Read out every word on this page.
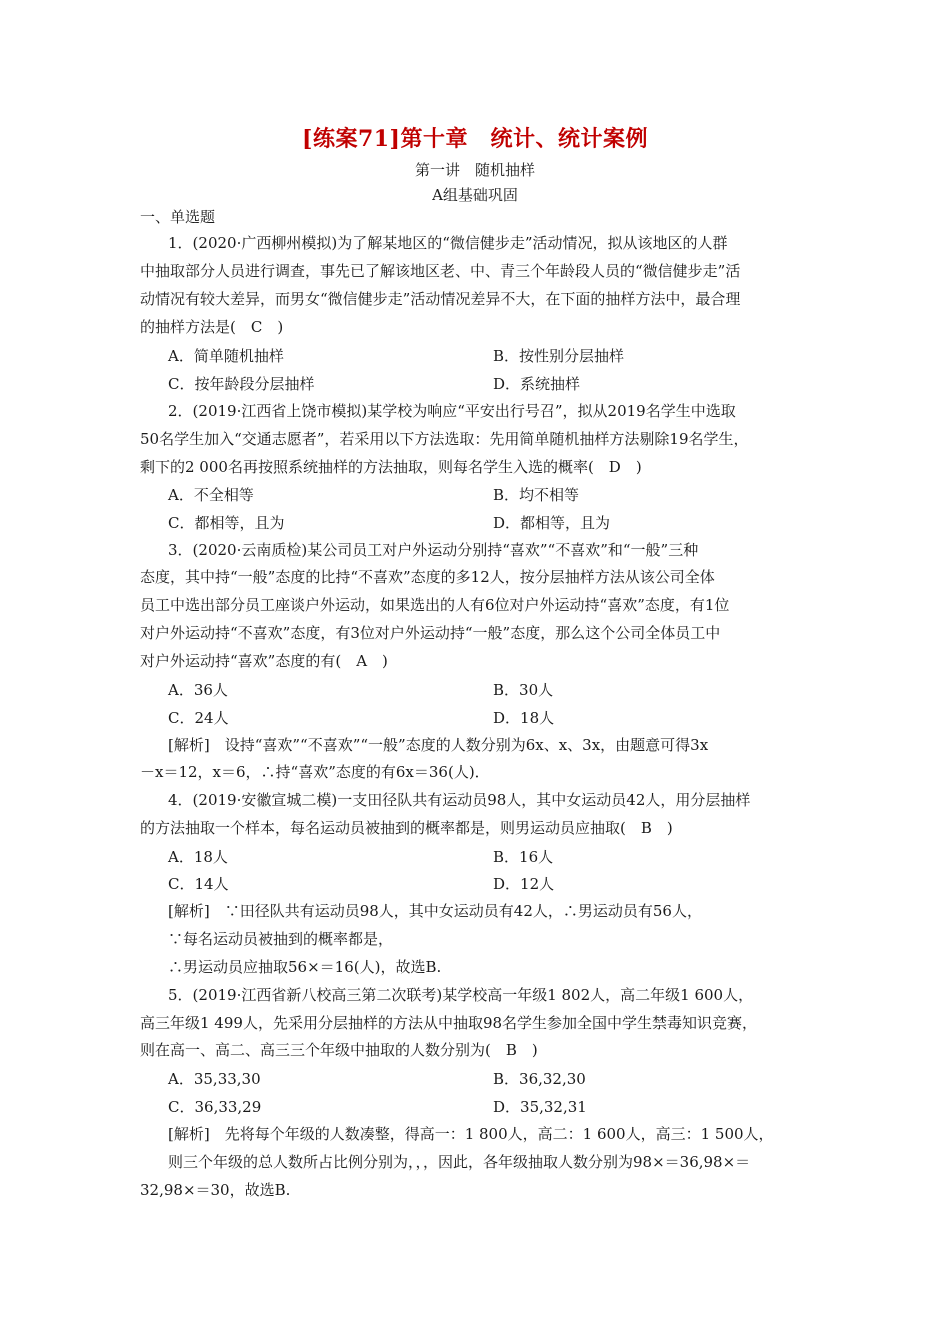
[练案71]第十章　统计、统计案例
第一讲　随机抽样
A组基础巩固
一、单选题
1．(2020·广西柳州模拟)为了解某地区的“微信健步走”活动情况，拟从该地区的人群
中抽取部分人员进行调查，事先已了解该地区老、中、青三个年龄段人员的“微信健步走”活
动情况有较大差异，而男女“微信健步走”活动情况差异不大，在下面的抽样方法中，最合理
的抽样方法是(　C　)
A．简单随机抽样	B．按性别分层抽样
C．按年龄段分层抽样	D．系统抽样
2．(2019·江西省上饶市模拟)某学校为响应“平安出行号召”，拟从2019名学生中选取
50名学生加入“交通志愿者”，若采用以下方法选取：先用简单随机抽样方法剔除19名学生，
剩下的2 000名再按照系统抽样的方法抽取，则每名学生入选的概率(　D　)
A．不全相等	B．均不相等
C．都相等，且为	D．都相等，且为
3．(2020·云南质检)某公司员工对户外运动分别持“喜欢”“不喜欢”和“一般”三种
态度，其中持“一般”态度的比持“不喜欢”态度的多12人，按分层抽样方法从该公司全体
员工中选出部分员工座谈户外运动，如果选出的人有6位对户外运动持“喜欢”态度，有1位
对户外运动持“不喜欢”态度，有3位对户外运动持“一般”态度，那么这个公司全体员工中
对户外运动持“喜欢”态度的有(　A　)
A．36人	B．30人
C．24人	D．18人
[解析]　设持“喜欢”“不喜欢”“一般”态度的人数分别为6x、x、3x，由题意可得3x
－x＝12，x＝6，∴持“喜欢”态度的有6x＝36(人)．
4．(2019·安徽宣城二模)一支田径队共有运动员98人，其中女运动员42人，用分层抽样
的方法抽取一个样本，每名运动员被抽到的概率都是，则男运动员应抽取(　B　)
A．18人	B．16人
C．14人	D．12人
[解析]　∵田径队共有运动员98人，其中女运动员有42人，∴男运动员有56人，
∵每名运动员被抽到的概率都是，
∴男运动员应抽取56×＝16(人)，故选B.
5．(2019·江西省新八校高三第二次联考)某学校高一年级1 802人，高二年级1 600人，
高三年级1 499人，先采用分层抽样的方法从中抽取98名学生参加全国中学生禁毒知识竞赛，
则在高一、高二、高三三个年级中抽取的人数分别为(　B　)
A．35,33,30	B．36,32,30
C．36,33,29	D．35,32,31
[解析]　先将每个年级的人数凑整，得高一：1 800人，高二：1 600人，高三：1 500人，
则三个年级的总人数所占比例分别为，，，因此，各年级抽取人数分别为98×＝36,98×＝
32,98×＝30，故选B.
